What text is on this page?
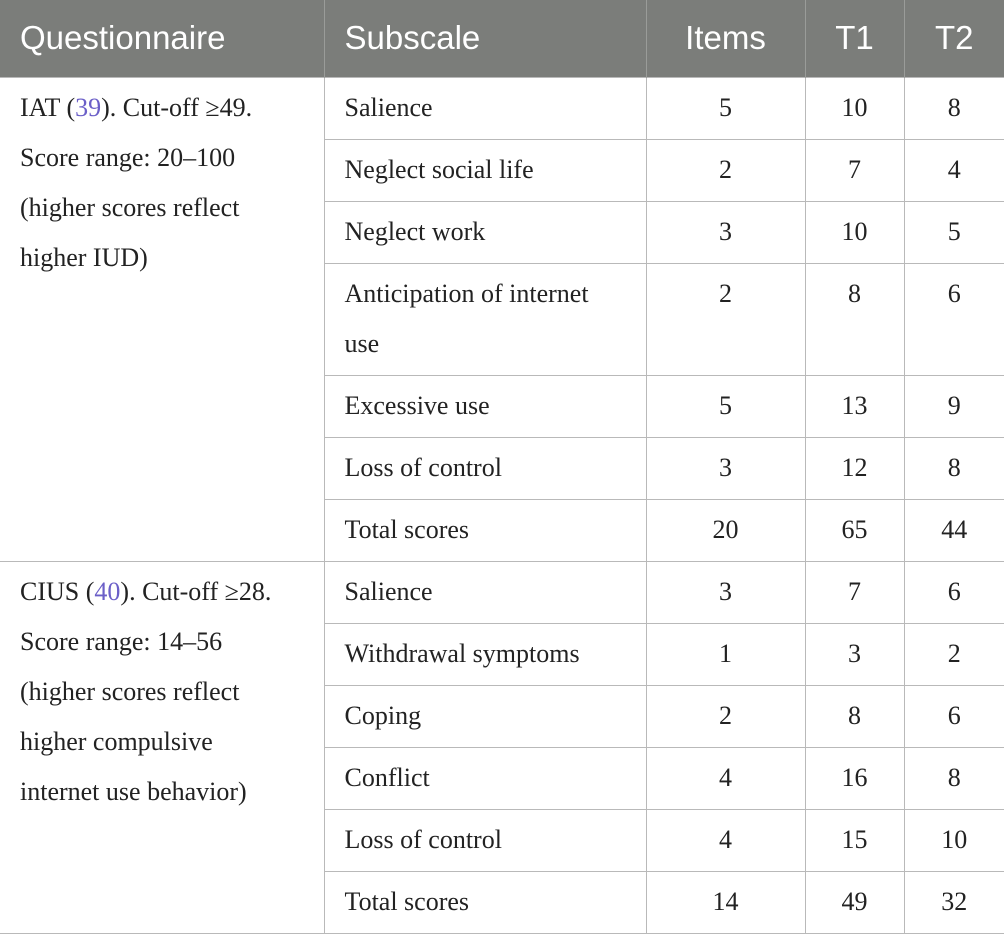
Questionnaire	Subscale	Items	T1	T2

IAT (39). Cut-off ≥49.
Score range: 20–100
(higher scores reflect
higher IUD)	Salience	5	10	8
	Neglect social life	2	7	4
	Neglect work	3	10	5
	Anticipation of internet use	2	8	6
	Excessive use	5	13	9
	Loss of control	3	12	8
	Total scores	20	65	44

CIUS (40). Cut-off ≥28.
Score range: 14–56
(higher scores reflect
higher compulsive
internet use behavior)	Salience	3	7	6
	Withdrawal symptoms	1	3	2
	Coping	2	8	6
	Conflict	4	16	8
	Loss of control	4	15	10
	Total scores	14	49	32
